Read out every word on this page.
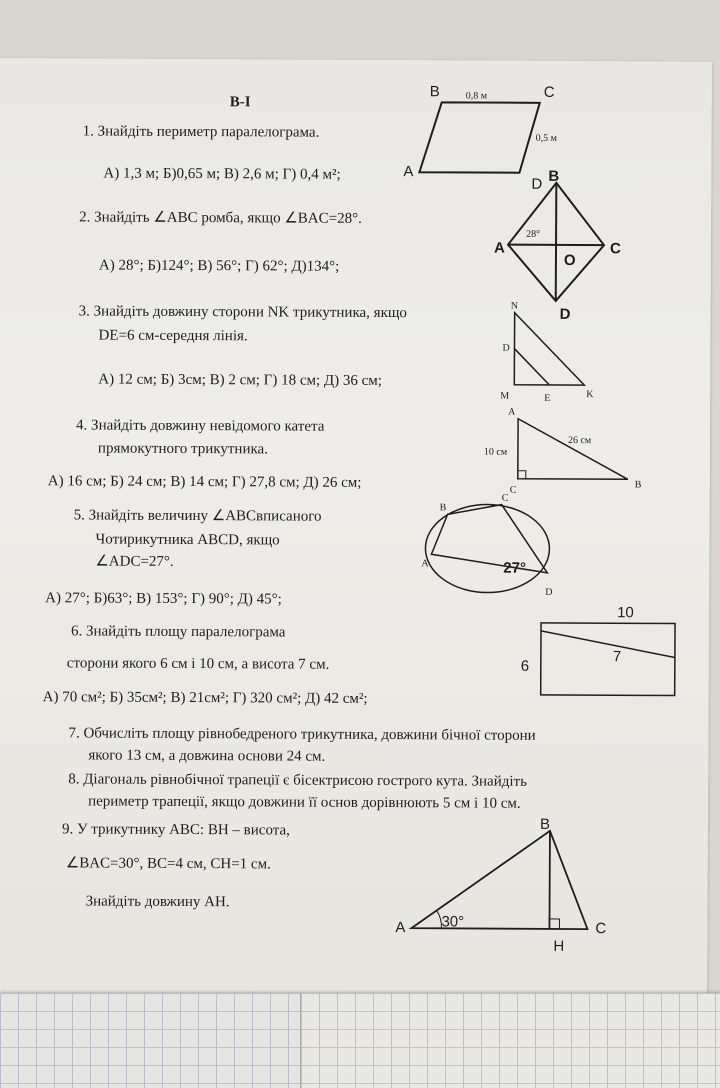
В-І
1. Знайдіть периметр паралелограма.
А) 1,3 м; Б)0,65 м; В) 2,6 м; Г) 0,4 м²;
B	C
A
D
0,8 м
0,5 м
2. Знайдіть ∠ABC ромба, якщо ∠BAC=28°.
А) 28°; Б)124°; В) 56°; Г) 62°; Д)134°;
B
A	C
D
O
28°
3. Знайдіть довжину сторони NK трикутника, якщо
DE=6 см-середня лінія.
А) 12 см; Б) 3см; В) 2 см; Г) 18 см; Д) 36 см;
N
D
M	E	K
4. Знайдіть довжину невідомого катета
прямокутного трикутника.
А) 16 см; Б) 24 см; В) 14 см; Г) 27,8 см; Д) 26 см;
A
C	B
10 см
26 см
5. Знайдіть величину ∠ABCвписаного
Чотирикутника ABCD, якщо
∠ADC=27°.
А) 27°; Б)63°; В) 153°; Г) 90°; Д) 45°;
B
C
A
D
27°
6. Знайдіть площу паралелограма
сторони якого 6 см і 10 см, а висота 7 см.
А) 70 см²; Б) 35см²; В) 21см²; Г) 320 см²; Д) 42 см²;
10
6
7
7. Обчисліть площу рівнобедреного трикутника, довжини бічної сторони
якого 13 см, а довжина основи 24 см.
8. Діагональ рівнобічної трапеції є бісектрисою гострого кута. Знайдіть
периметр трапеції, якщо довжини її основ дорівнюють 5 см і 10 см.
9. У трикутнику ABC: BH – висота,
∠BAC=30°, BC=4 см, CH=1 см.
Знайдіть довжину AH.
B
A	C
H
30°
